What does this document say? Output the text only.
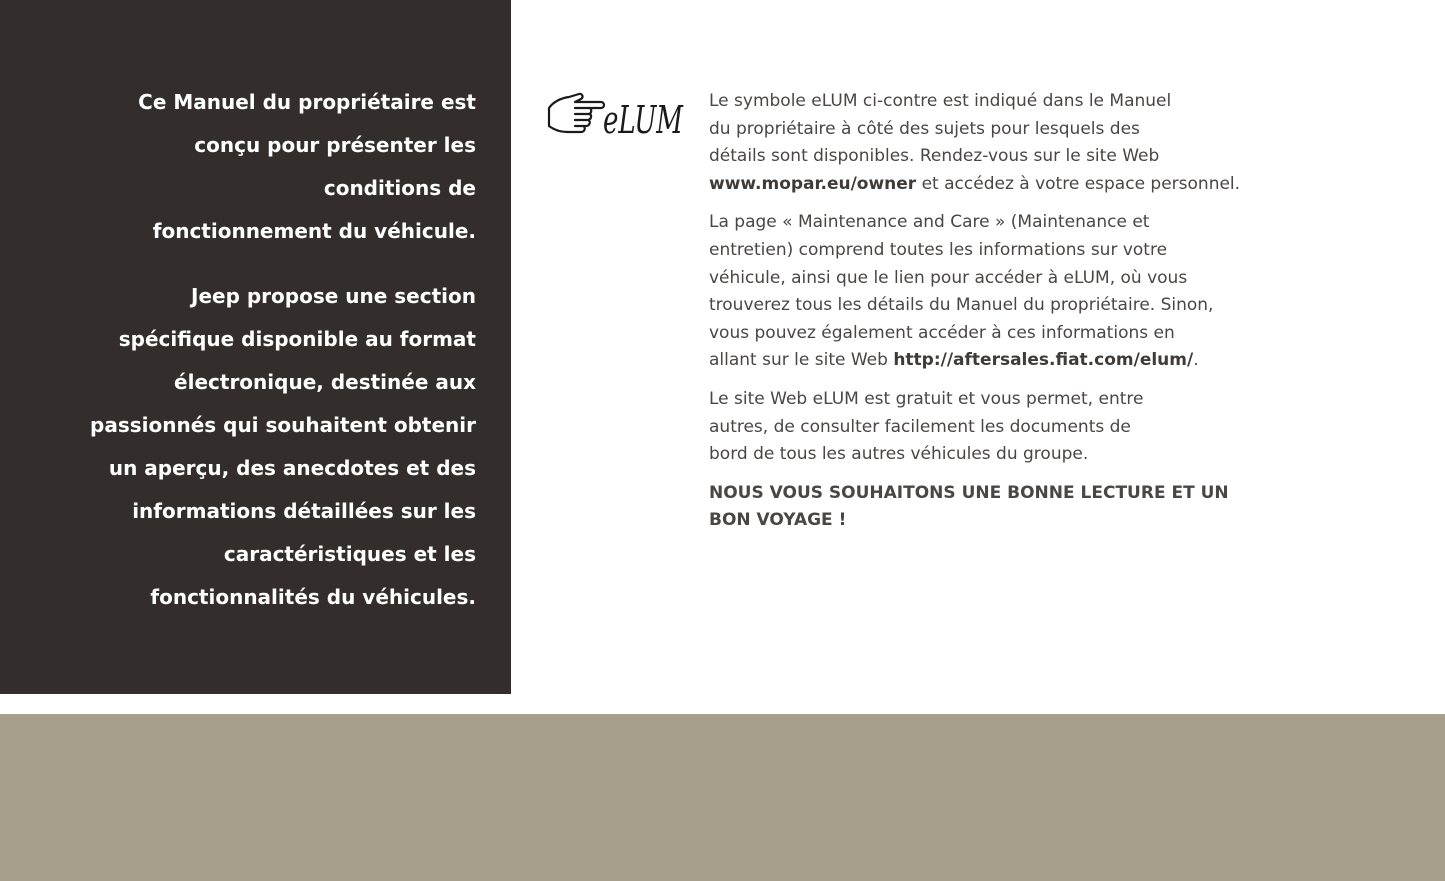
Ce Manuel du propriétaire est
conçu pour présenter les
conditions de
fonctionnement du véhicule.
Jeep propose une section
spécifique disponible au format
électronique, destinée aux
passionnés qui souhaitent obtenir
un aperçu, des anecdotes et des
informations détaillées sur les
caractéristiques et les
fonctionnalités du véhicules.
eLUM Le symbole eLUM ci-contre est indiqué dans le Manuel
du propriétaire à côté des sujets pour lesquels des
détails sont disponibles. Rendez-vous sur le site Web
www.mopar.eu/owner et accédez à votre espace personnel.

La page « Maintenance and Care » (Maintenance et
entretien) comprend toutes les informations sur votre
véhicule, ainsi que le lien pour accéder à eLUM, où vous
trouverez tous les détails du Manuel du propriétaire. Sinon,
vous pouvez également accéder à ces informations en
allant sur le site Web http://aftersales.fiat.com/elum/.

Le site Web eLUM est gratuit et vous permet, entre
autres, de consulter facilement les documents de
bord de tous les autres véhicules du groupe.

NOUS VOUS SOUHAITONS UNE BONNE LECTURE ET UN
BON VOYAGE !
